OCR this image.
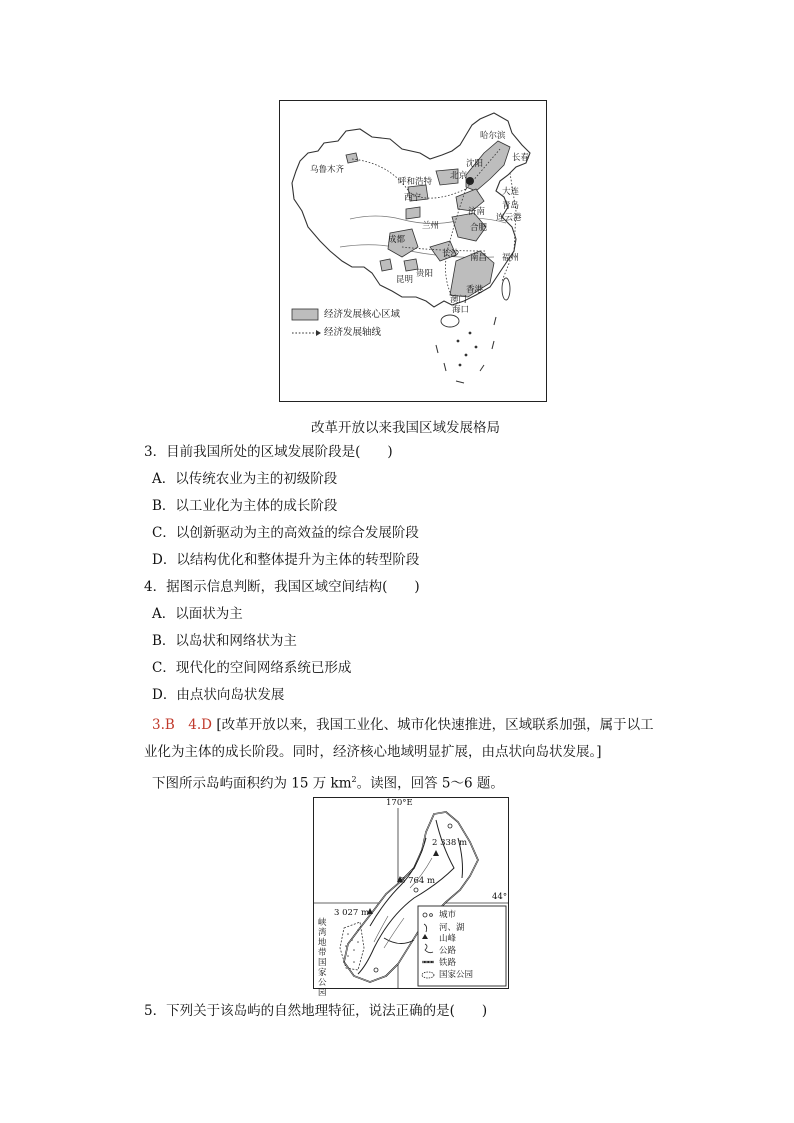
哈尔滨
长春
沈阳
北京
大连
青岛
连云港
济南
乌鲁木齐
呼和浩特
西宁
兰州	合肥
成都
长沙 南昌 福州
昆明
贵阳
香港
澳门
海口
经济发展核心区域
经济发展轴线
改革开放以来我国区域发展格局
3．目前我国所处的区域发展阶段是(　　)
A．以传统农业为主的初级阶段
B．以工业化为主体的成长阶段
C．以创新驱动为主的高效益的综合发展阶段
D．以结构优化和整体提升为主体的转型阶段
4．据图示信息判断，我国区域空间结构(　　)
A．以面状为主
B．以岛状和网络状为主
C．现代化的空间网络系统已形成
D．由点状向岛状发展
3.B　4.D [改革开放以来，我国工业化、城市化快速推进，区域联系加强，属于以工
业化为主体的成长阶段。同时，经济核心地域明显扩展，由点状向岛状发展。]
下图所示岛屿面积约为 15 万 $km^2$。读图，回答 5～6 题。
170°E
44°
2 338 m
3 764 m
3 027 m
峡湾地带国家公园
城市
河、湖
山峰
公路
铁路
国家公园
5．下列关于该岛屿的自然地理特征，说法正确的是(　　)
